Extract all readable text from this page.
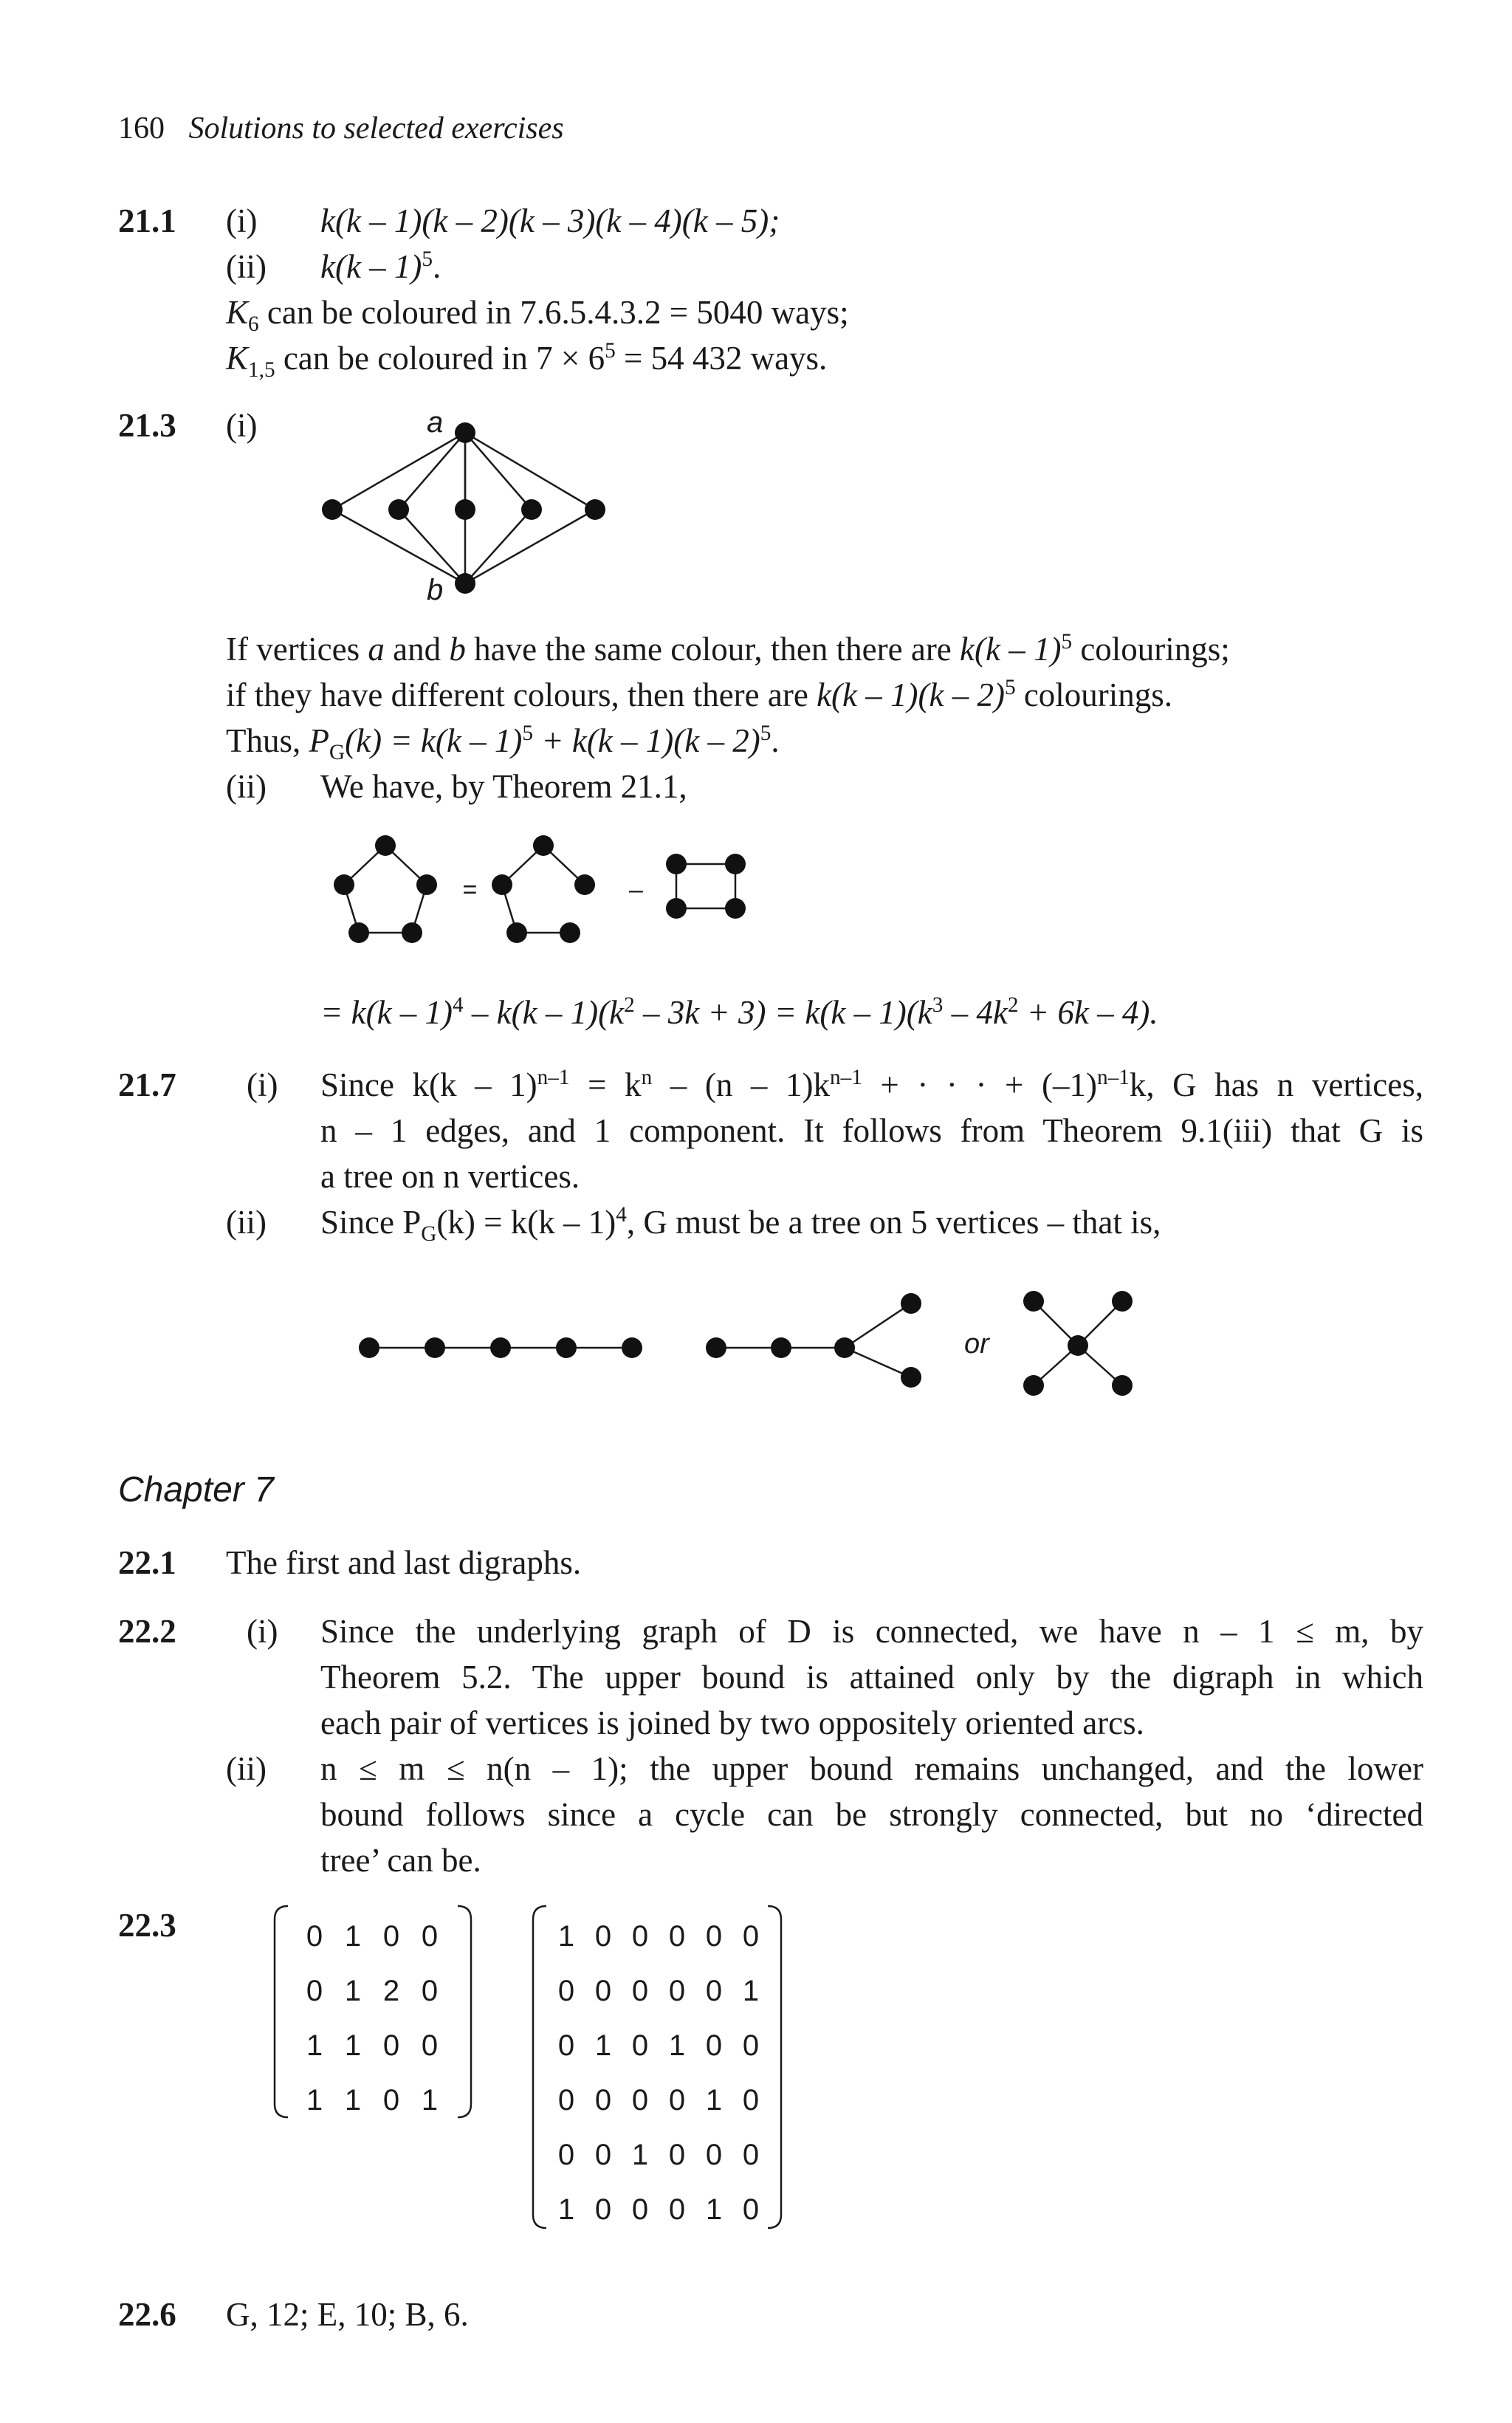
160 Solutions to selected exercises
21.1 (i) k(k – 1)(k – 2)(k – 3)(k – 4)(k – 5);
(ii) k(k – 1)$^5$.
$K_6$ can be coloured in 7.6.5.4.3.2 = 5040 ways;
$K_{1,5}$ can be coloured in $7 \times 6^5 = 54$ 432 ways.
21.3 (i)	a
b
If vertices a and b have the same colour, then there are k(k – 1)$^5$ colourings;
if they have different colours, then there are k(k – 1)(k – 2)$^5$ colourings.
Thus, $P_G(k) = k(k - 1)^5 + k(k - 1)(k - 2)^5$.
(ii) We have, by Theorem 21.1,
=	–
= $k(k - 1)^4 - k(k - 1)(k^2 - 3k + 3) = k(k - 1)(k^3 - 4k^2 + 6k - 4)$.
21.7 (i) Since $k(k - 1)^{n-1} = k^n - (n - 1)k^{n-1}$ + · · · + $(-1)^{n-1}k$, G has n vertices,
n – 1 edges, and 1 component. It follows from Theorem 9.1(iii) that G is
a tree on n vertices.
(ii) Since $P_G(k) = k(k - 1)^4$, G must be a tree on 5 vertices – that is,
or
Chapter 7
22.1 The first and last digraphs.
22.2 (i) Since the underlying graph of D is connected, we have n – 1 ≤ m, by
Theorem 5.2. The upper bound is attained only by the digraph in which
each pair of vertices is joined by two oppositely oriented arcs.
(ii) n ≤ m ≤ n(n – 1); the upper bound remains unchanged, and the lower
bound follows since a cycle can be strongly connected, but no ‘directed
tree’ can be.
22.3	0 1 0 0
0 1 2 0
1 1 0 0
1 1 0 1
1 0 0 0 0 0
0 0 0 0 0 1
0 1 0 1 0 0
0 0 0 0 1 0
0 0 1 0 0 0
1 0 0 0 1 0
22.6 G, 12; E, 10; B, 6.
